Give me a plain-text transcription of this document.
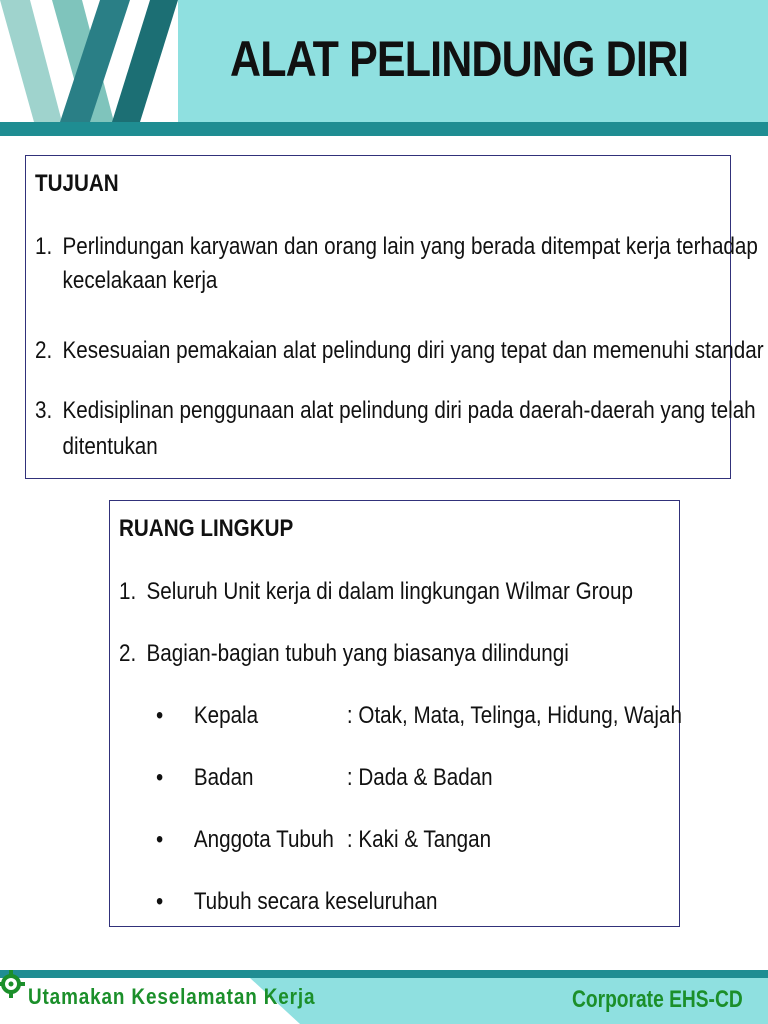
ALAT PELINDUNG DIRI
TUJUAN
1. Perlindungan karyawan dan orang lain yang berada ditempat kerja terhadap
kecelakaan kerja
2. Kesesuaian pemakaian alat pelindung diri yang tepat dan memenuhi standar
3. Kedisiplinan penggunaan alat pelindung diri pada daerah-daerah yang telah
ditentukan
RUANG LINGKUP
1. Seluruh Unit kerja di dalam lingkungan Wilmar Group
2. Bagian-bagian tubuh yang biasanya dilindungi
• Kepala	: Otak, Mata, Telinga, Hidung, Wajah
• Badan	: Dada & Badan
• Anggota Tubuh : Kaki & Tangan
• Tubuh secara keseluruhan
Utamakan Keselamatan Kerja	Corporate EHS-CD
